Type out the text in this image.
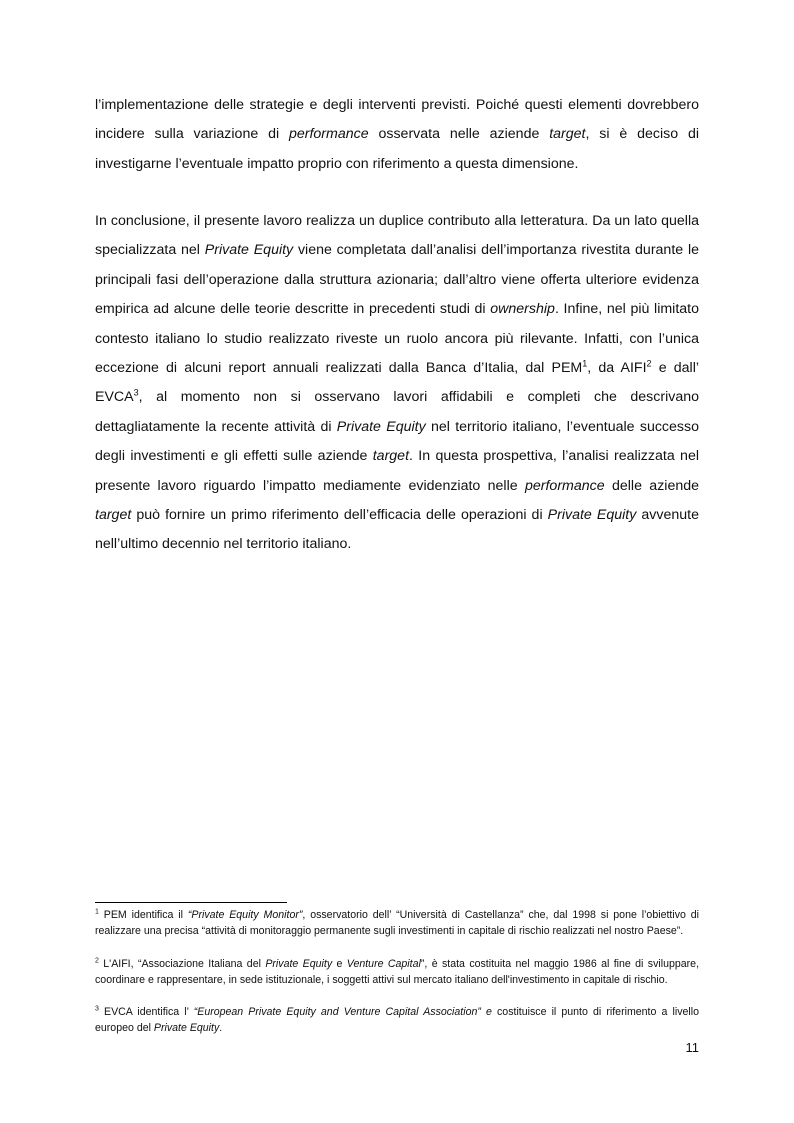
l’implementazione delle strategie e degli interventi previsti. Poiché questi elementi dovrebbero incidere sulla variazione di performance osservata nelle aziende target, si è deciso di investigarne l’eventuale impatto proprio con riferimento a questa dimensione.

In conclusione, il presente lavoro realizza un duplice contributo alla letteratura. Da un lato quella specializzata nel Private Equity viene completata dall’analisi dell’importanza rivestita durante le principali fasi dell’operazione dalla struttura azionaria; dall’altro viene offerta ulteriore evidenza empirica ad alcune delle teorie descritte in precedenti studi di ownership. Infine, nel più limitato contesto italiano lo studio realizzato riveste un ruolo ancora più rilevante. Infatti, con l’unica eccezione di alcuni report annuali realizzati dalla Banca d’Italia, dal PEM$^1$, da AIFI$^2$ e dall’ EVCA$^3$, al momento non si osservano lavori affidabili e completi che descrivano dettagliatamente la recente attività di Private Equity nel territorio italiano, l’eventuale successo degli investimenti e gli effetti sulle aziende target. In questa prospettiva, l’analisi realizzata nel presente lavoro riguardo l’impatto mediamente evidenziato nelle performance delle aziende target può fornire un primo riferimento dell’efficacia delle operazioni di Private Equity avvenute nell’ultimo decennio nel territorio italiano.

$^1$ PEM identifica il “Private Equity Monitor”, osservatorio dell’ “Università di Castellanza” che, dal 1998 si pone l’obiettivo di realizzare una precisa “attività di monitoraggio permanente sugli investimenti in capitale di rischio realizzati nel nostro Paese”.

$^2$ L'AIFI, “Associazione Italiana del Private Equity e Venture Capital”, è stata costituita nel maggio 1986 al fine di sviluppare, coordinare e rappresentare, in sede istituzionale, i soggetti attivi sul mercato italiano dell'investimento in capitale di rischio.

$^3$ EVCA identifica l’ “European Private Equity and Venture Capital Association” e costituisce il punto di riferimento a livello europeo del Private Equity.

11
